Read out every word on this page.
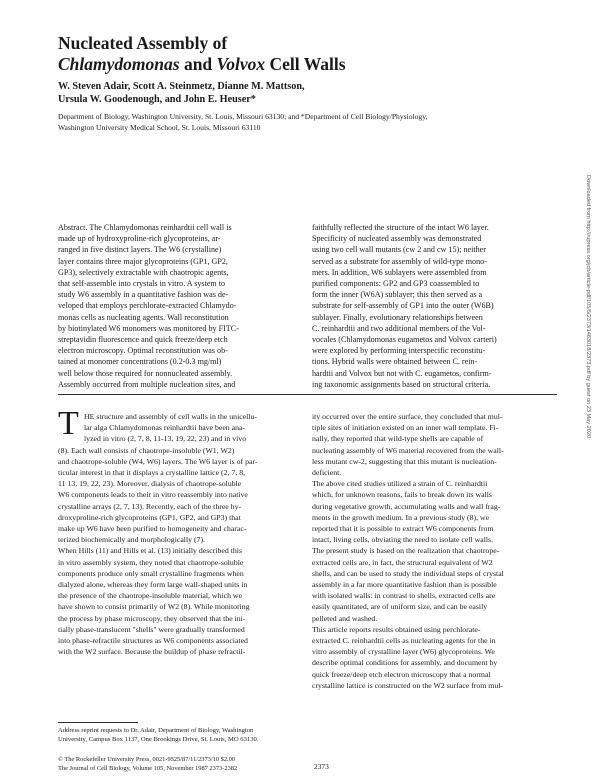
Nucleated Assembly of
Chlamydomonas and Volvox Cell Walls
W. Steven Adair, Scott A. Steinmetz, Dianne M. Mattson,
Ursula W. Goodenough, and John E. Heuser*
Department of Biology, Washington University, St. Louis, Missouri 63130; and *Department of Cell Biology/Physiology,
Washington University Medical School, St. Louis, Missouri 63110
Abstract. The Chlamydomonas reinhardtii cell wall is
made up of hydroxyproline-rich glycoproteins, ar-
ranged in five distinct layers. The W6 (crystalline)
layer contains three major glycoproteins (GP1, GP2,
GP3), selectively extractable with chaotropic agents,
that self-assemble into crystals in vitro. A system to
study W6 assembly in a quantitative fashion was de-
veloped that employs perchlorate-extracted Chlamydo-
monas cells as nucleating agents. Wall reconstitution
by biotinylated W6 monomers was monitored by FITC-
streptavidin fluorescence and quick freeze/deep etch
electron microscopy. Optimal reconstitution was ob-
tained at monomer concentrations (0.2-0.3 mg/ml)
well below those required for nonnucleated assembly.
Assembly occurred from multiple nucleation sites, and
faithfully reflected the structure of the intact W6 layer.
Specificity of nucleated assembly was demonstrated
using two cell wall mutants (cw 2 and cw 15); neither
served as a substrate for assembly of wild-type mono-
mers. In addition, W6 sublayers were assembled from
purified components: GP2 and GP3 coassembled to
form the inner (W6A) sublayer; this then served as a
substrate for self-assembly of GP1 into the outer (W6B)
sublayer. Finally, evolutionary relationships between
C. reinhardtii and two additional members of the Vol-
vocales (Chlamydomonas eugametos and Volvox carteri)
were explored by performing interspecific reconstitu-
tions. Hybrid walls were obtained between C. rein-
hardtii and Volvox but not with C. eugametos, confirm-
ing taxonomic assignments based on structural criteria.
T HE structure and assembly of cell walls in the unicellu-
lar alga Chlamydomonas reinhardtii have been ana-
lyzed in vitro (2, 7, 8, 11-13, 19, 22, 23) and in vivo
(8). Each wall consists of chaotrope-insoluble (W1, W2)
and chaotrope-soluble (W4, W6) layers. The W6 layer is of par-
ticular interest in that it displays a crystalline lattice (2, 7, 8,
11 13, 19, 22, 23). Moreover, dialysis of chaotrope-soluble
W6 components leads to their in vitro reassembly into native
crystalline arrays (2, 7, 13). Recently, each of the three hy-
droxyproline-rich glycoproteins (GP1, GP2, and GP3) that
make up W6 have been purified to homogeneity and charac-
terized biochemically and morphologically (7).
When Hills (11) and Hills et al. (13) initially described this
in vitro assembly system, they noted that chaotrope-soluble
components produce only small crystalline fragments when
dialyzed alone, whereas they form large wall-shaped units in
the presence of the chaotrope-insoluble material, which we
have shown to consist primarily of W2 (8). While monitoring
the process by phase microscopy, they observed that the ini-
tially phase-translucent "shells" were gradually transformed
into phase-refractile structures as W6 components associated
with the W2 surface. Because the buildup of phase refractil-
ity occurred over the entire surface, they concluded that mul-
tiple sites of initiation existed on an inner wall template. Fi-
nally, they reported that wild-type shells are capable of
nucleating assembly of W6 material recovered from the wall-
less mutant cw-2, suggesting that this mutant is nucleation-
deficient.
The above cited studies utilized a strain of C. reinhardtii
which, for unknown reasons, fails to break down its walls
during vegetative growth, accumulating walls and wall frag-
ments in the growth medium. In a previous study (8), we
reported that it is possible to extract W6 components from
intact, living cells, obviating the need to isolate cell walls.
The present study is based on the realization that chaotrope-
extracted cells are, in fact, the structural equivalent of W2
shells, and can be used to study the individual steps of crystal
assembly in a far more quantitative fashion than is possible
with isolated walls: in contrast to shells, extracted cells are
easily quantitated, are of uniform size, and can be easily
pelleted and washed.
This article reports results obtained using perchlorate-
extracted C. reinhardtii cells as nucleating agents for the in
vitro assembly of crystalline layer (W6) glycoproteins. We
describe optimal conditions for assembly, and document by
quick freeze/deep etch electron microscopy that a normal
crystalline lattice is constructed on the W2 surface from mul-
Address reprint requests to Dr. Adair, Department of Biology, Washington
University, Campus Box 1137, One Brookings Drive, St. Louis, MO 63130.
© The Rockefeller University Press, 0021-9525/87/11/2373/10 $2.00
The Journal of Cell Biology, Volume 105, November 1987 2373-2382	2373
Downloaded from http://rupress.org/jcb/article-pdf/105/5/2373/1463018/2373.pdf by guest on 23 May 2020
